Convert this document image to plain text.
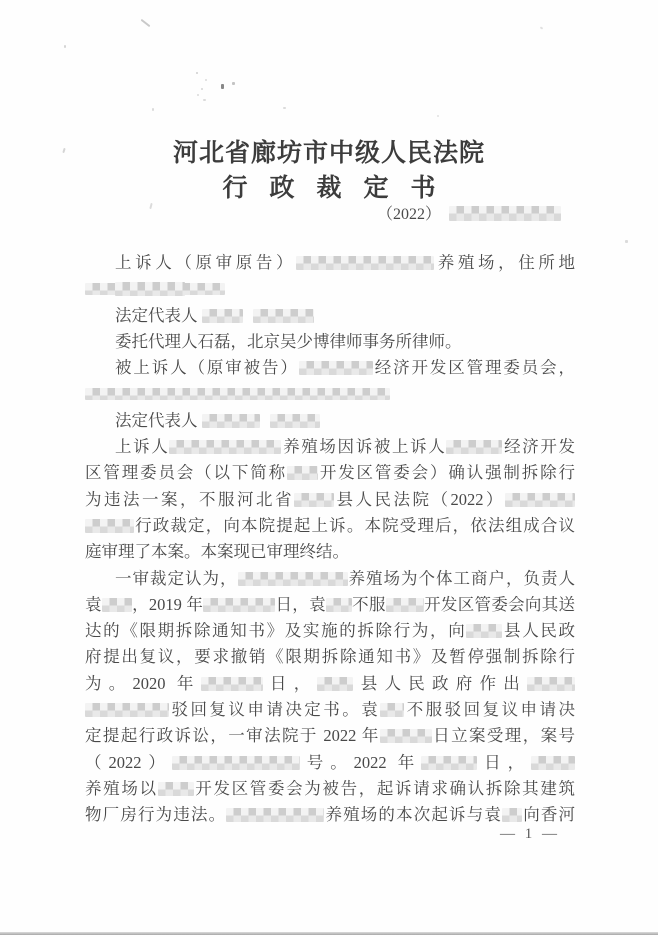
河北省廊坊市中级人民法院
行政裁定书
（2022）
上诉人（原审原告）	养殖场，住所地
法定代表人
委托代理人石磊，北京吴少博律师事务所律师。
被上诉人（原审被告）	经济开发区管理委员会，
法定代表人
上诉人	养殖场因诉被上诉人	经济开发
区管理委员会（以下简称 开发区管委会）确认强制拆除行
为违法一案，不服河北省 县人民法院（2022）
行政裁定，向本院提起上诉。本院受理后，依法组成合议
庭审理了本案。本案现已审理终结。
一审裁定认为，	养殖场为个体工商户，负责人
袁 ，2019 年	日，袁 不服 开发区管委会向其送
达的《限期拆除通知书》及实施的拆除行为，向 县人民政
府提出复议，要求撤销《限期拆除通知书》及暂停强制拆除行
为。2020 年	日， 县人民政府作出
驳回复议申请决定书。袁 不服驳回复议申请决
定提起行政诉讼，一审法院于 2022 年	日立案受理，案号
（2022）	号。2022 年	日，
养殖场以 开发区管委会为被告，起诉请求确认拆除其建筑
物厂房行为违法。	养殖场的本次起诉与袁 向香河
— 1 —
